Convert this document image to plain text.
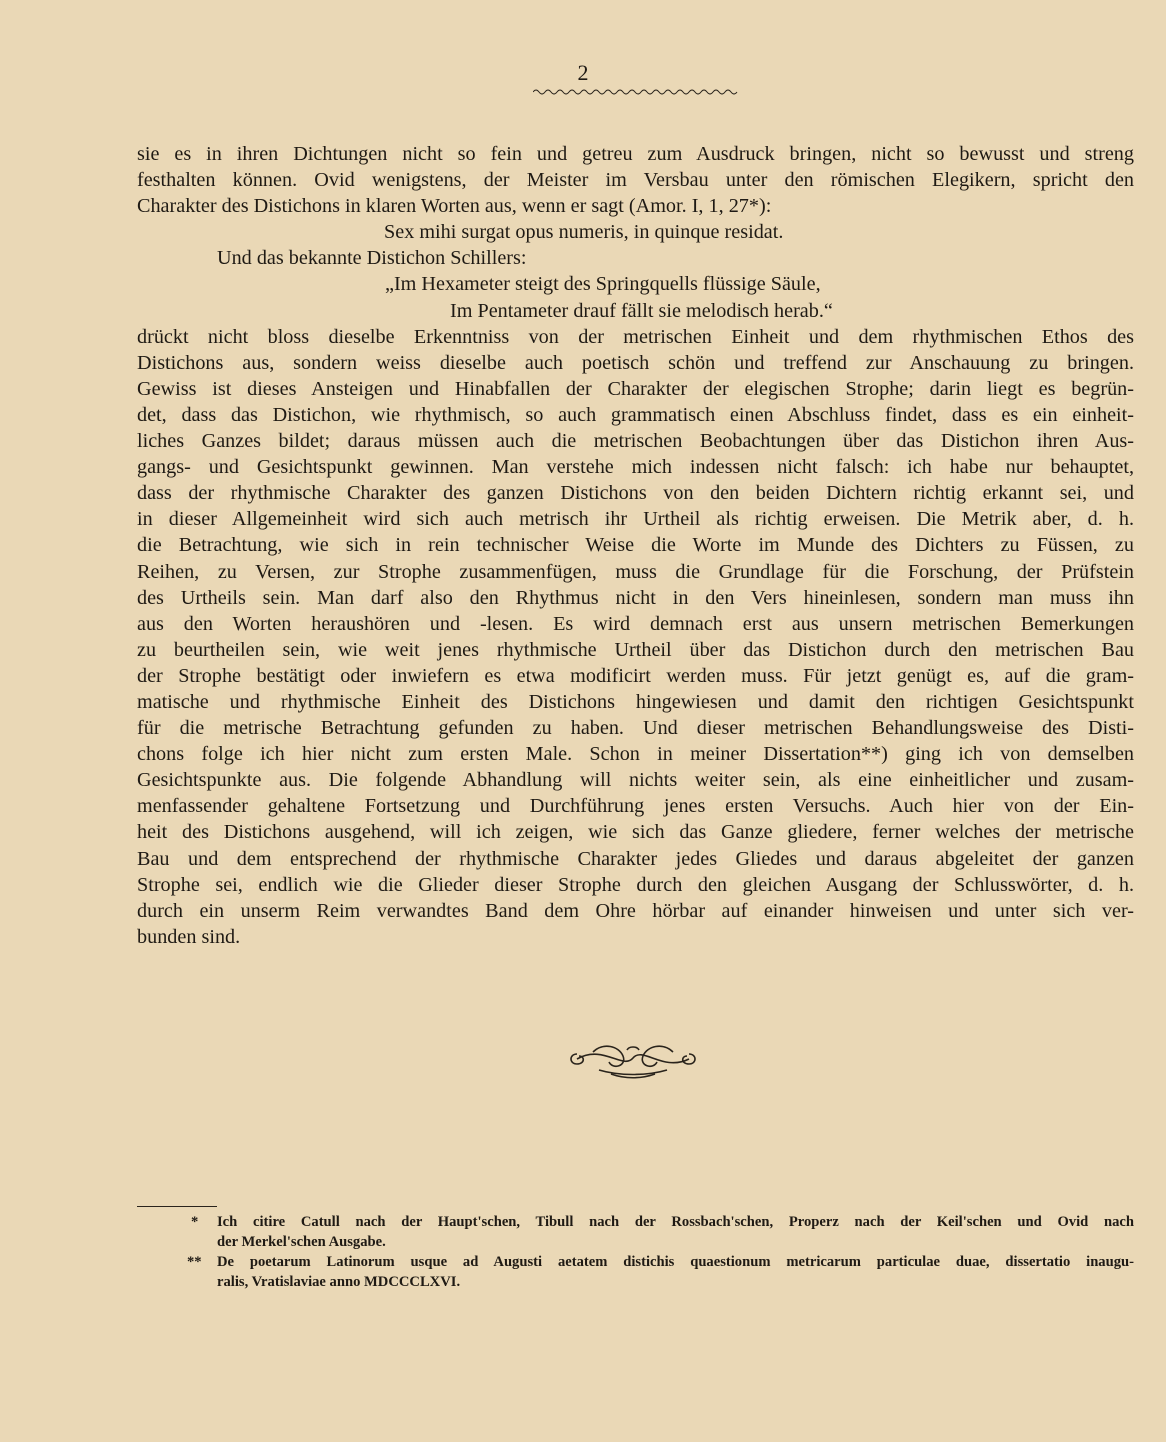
2
sie es in ihren Dichtungen nicht so fein und getreu zum Ausdruck bringen, nicht so bewusst und streng
festhalten können. Ovid wenigstens, der Meister im Versbau unter den römischen Elegikern, spricht den
Charakter des Distichons in klaren Worten aus, wenn er sagt (Amor. I, 1, 27*):
Sex mihi surgat opus numeris, in quinque residat.
Und das bekannte Distichon Schillers:
„Im Hexameter steigt des Springquells flüssige Säule,
Im Pentameter drauf fällt sie melodisch herab.“
drückt nicht bloss dieselbe Erkenntniss von der metrischen Einheit und dem rhythmischen Ethos des
Distichons aus, sondern weiss dieselbe auch poetisch schön und treffend zur Anschauung zu bringen.
Gewiss ist dieses Ansteigen und Hinabfallen der Charakter der elegischen Strophe; darin liegt es begrün-
det, dass das Distichon, wie rhythmisch, so auch grammatisch einen Abschluss findet, dass es ein einheit-
liches Ganzes bildet; daraus müssen auch die metrischen Beobachtungen über das Distichon ihren Aus-
gangs- und Gesichtspunkt gewinnen. Man verstehe mich indessen nicht falsch: ich habe nur behauptet,
dass der rhythmische Charakter des ganzen Distichons von den beiden Dichtern richtig erkannt sei, und
in dieser Allgemeinheit wird sich auch metrisch ihr Urtheil als richtig erweisen. Die Metrik aber, d. h.
die Betrachtung, wie sich in rein technischer Weise die Worte im Munde des Dichters zu Füssen, zu
Reihen, zu Versen, zur Strophe zusammenfügen, muss die Grundlage für die Forschung, der Prüfstein
des Urtheils sein. Man darf also den Rhythmus nicht in den Vers hineinlesen, sondern man muss ihn
aus den Worten heraushören und -lesen. Es wird demnach erst aus unsern metrischen Bemerkungen
zu beurtheilen sein, wie weit jenes rhythmische Urtheil über das Distichon durch den metrischen Bau
der Strophe bestätigt oder inwiefern es etwa modificirt werden muss. Für jetzt genügt es, auf die gram-
matische und rhythmische Einheit des Distichons hingewiesen und damit den richtigen Gesichtspunkt
für die metrische Betrachtung gefunden zu haben. Und dieser metrischen Behandlungsweise des Disti-
chons folge ich hier nicht zum ersten Male. Schon in meiner Dissertation**) ging ich von demselben
Gesichtspunkte aus. Die folgende Abhandlung will nichts weiter sein, als eine einheitlicher und zusam-
menfassender gehaltene Fortsetzung und Durchführung jenes ersten Versuchs. Auch hier von der Ein-
heit des Distichons ausgehend, will ich zeigen, wie sich das Ganze gliedere, ferner welches der metrische
Bau und dem entsprechend der rhythmische Charakter jedes Gliedes und daraus abgeleitet der ganzen
Strophe sei, endlich wie die Glieder dieser Strophe durch den gleichen Ausgang der Schlusswörter, d. h.
durch ein unserm Reim verwandtes Band dem Ohre hörbar auf einander hinweisen und unter sich ver-
bunden sind.
* Ich citire Catull nach der Haupt'schen, Tibull nach der Rossbach'schen, Properz nach der Keil'schen und Ovid nach
der Merkel'schen Ausgabe.
** De poetarum Latinorum usque ad Augusti aetatem distichis quaestionum metricarum particulae duae, dissertatio inaugu-
ralis, Vratislaviae anno MDCCCLXVI.
